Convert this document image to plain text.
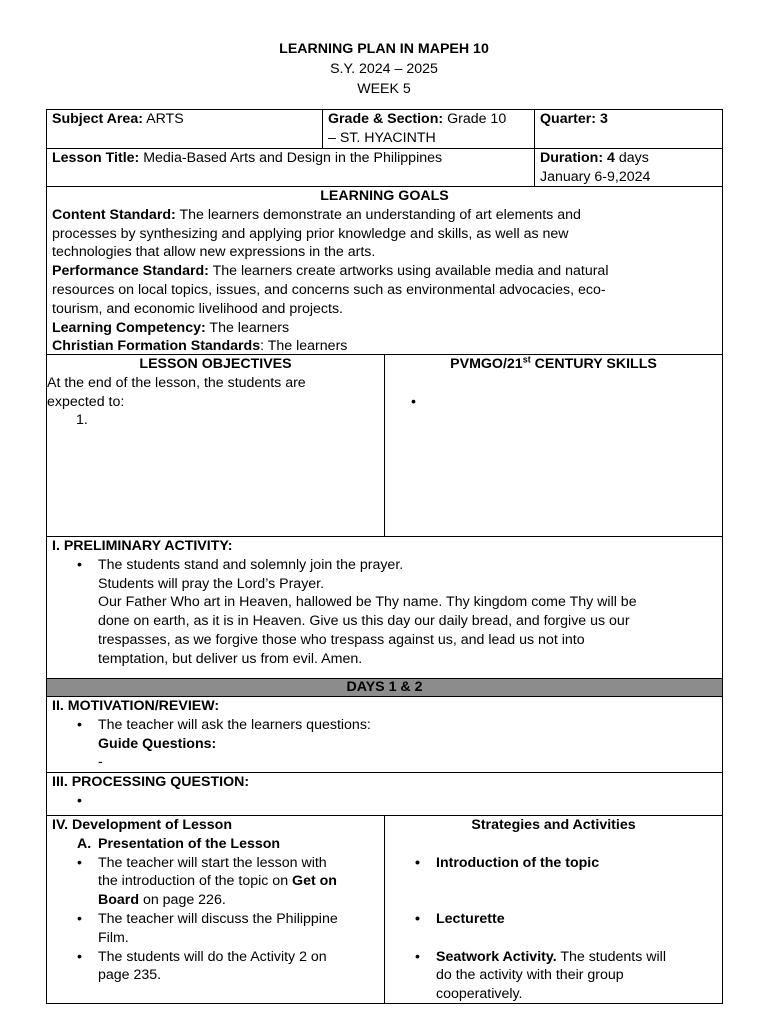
LEARNING PLAN IN MAPEH 10
S.Y. 2024 – 2025
WEEK 5
Subject Area: ARTS	Grade & Section: Grade 10
– ST. HYACINTH
Quarter: 3
Lesson Title: Media-Based Arts and Design in the Philippines	Duration: 4 days
January 6-9,2024
LEARNING GOALS
Content Standard: The learners demonstrate an understanding of art elements and
processes by synthesizing and applying prior knowledge and skills, as well as new
technologies that allow new expressions in the arts.
Performance Standard: The learners create artworks using available media and natural
resources on local topics, issues, and concerns such as environmental advocacies, eco-
tourism, and economic livelihood and projects.
Learning Competency: The learners
Christian Formation Standards: The learners
LESSON OBJECTIVES
At the end of the lesson, the students are
expected to:
1.
PVMGO/21st CENTURY SKILLS
•
I. PRELIMINARY ACTIVITY:
• The students stand and solemnly join the prayer.
Students will pray the Lord’s Prayer.
Our Father Who art in Heaven, hallowed be Thy name. Thy kingdom come Thy will be
done on earth, as it is in Heaven. Give us this day our daily bread, and forgive us our
trespasses, as we forgive those who trespass against us, and lead us not into
temptation, but deliver us from evil. Amen.
DAYS 1 & 2
II. MOTIVATION/REVIEW:
• The teacher will ask the learners questions:
Guide Questions:
-
III. PROCESSING QUESTION:
•
IV. Development of Lesson
A. Presentation of the Lesson
• The teacher will start the lesson with
the introduction of the topic on Get on
Board on page 226.
• The teacher will discuss the Philippine
Film.
• The students will do the Activity 2 on
page 235.
Strategies and Activities
• Introduction of the topic
• Lecturette
• Seatwork Activity. The students will
do the activity with their group
cooperatively.
